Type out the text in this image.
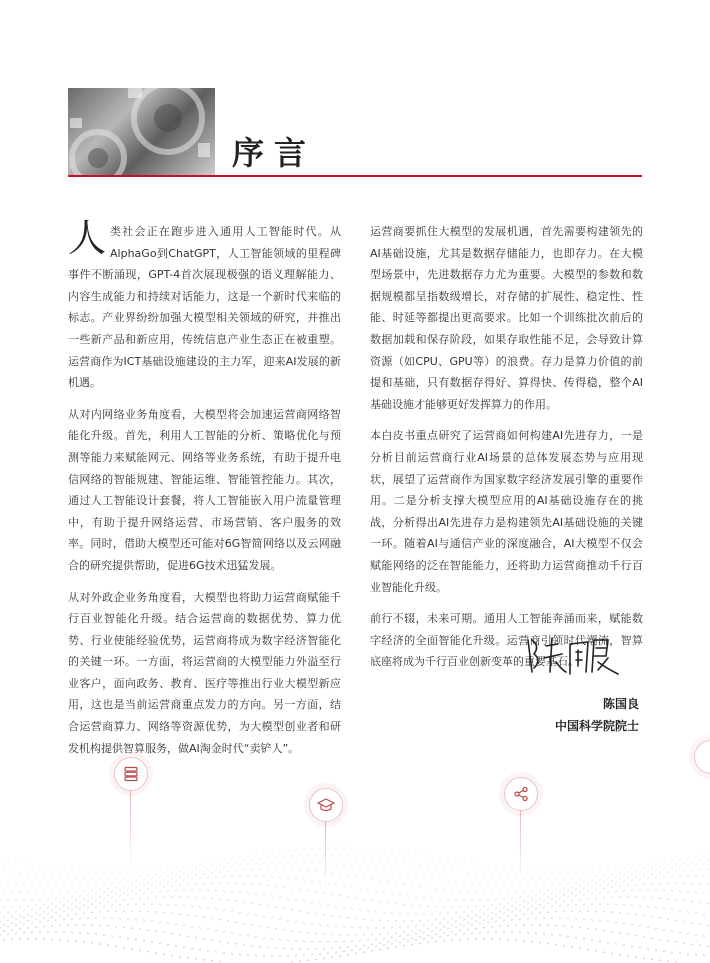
序言

人 类社会正在跑步进入通用人工智能时代。从AlphaGo到ChatGPT，人工智能领域的里程碑事件不断涌现，GPT-4首次展现极强的语义理解能力、内容生成能力和持续对话能力，这是一个新时代来临的标志。产业界纷纷加强大模型相关领域的研究，并推出一些新产品和新应用，传统信息产业生态正在被重塑。运营商作为ICT基础设施建设的主力军，迎来AI发展的新机遇。

从对内网络业务角度看，大模型将会加速运营商网络智能化升级。首先，利用人工智能的分析、策略优化与预测等能力来赋能网元、网络等业务系统，有助于提升电信网络的智能规建、智能运维、智能管控能力。其次，通过人工智能设计套餐，将人工智能嵌入用户流量管理中，有助于提升网络运营、市场营销、客户服务的效率。同时，借助大模型还可能对6G智简网络以及云网融合的研究提供帮助，促进6G技术迅猛发展。

从对外政企业务角度看，大模型也将助力运营商赋能千行百业智能化升级。结合运营商的数据优势、算力优势、行业使能经验优势，运营商将成为数字经济智能化的关键一环。一方面，将运营商的大模型能力外溢至行业客户，面向政务、教育、医疗等推出行业大模型新应用，这也是当前运营商重点发力的方向。另一方面，结合运营商算力、网络等资源优势，为大模型创业者和研发机构提供智算服务，做AI淘金时代“卖铲人”。

运营商要抓住大模型的发展机遇，首先需要构建领先的AI基础设施，尤其是数据存储能力，也即存力。在大模型场景中，先进数据存力尤为重要。大模型的参数和数据规模都呈指数级增长，对存储的扩展性、稳定性、性能、时延等都提出更高要求。比如一个训练批次前后的数据加载和保存阶段，如果存取性能不足，会导致计算资源（如CPU、GPU等）的浪费。存力是算力价值的前提和基础，只有数据存得好、算得快、传得稳，整个AI基础设施才能够更好发挥算力的作用。

本白皮书重点研究了运营商如何构建AI先进存力，一是分析目前运营商行业AI场景的总体发展态势与应用现状，展望了运营商作为国家数字经济发展引擎的重要作用。二是分析支撑大模型应用的AI基础设施存在的挑战，分析得出AI先进存力是构建领先AI基础设施的关键一环。随着AI与通信产业的深度融合，AI大模型不仅会赋能网络的泛在智能能力，还将助力运营商推动千行百业智能化升级。

前行不辍，未来可期。通用人工智能奔涌而来，赋能数字经济的全面智能化升级。运营商引领时代潮流，智算底座将成为千行百业创新变革的重要基石。

陈国良
中国科学院院士
